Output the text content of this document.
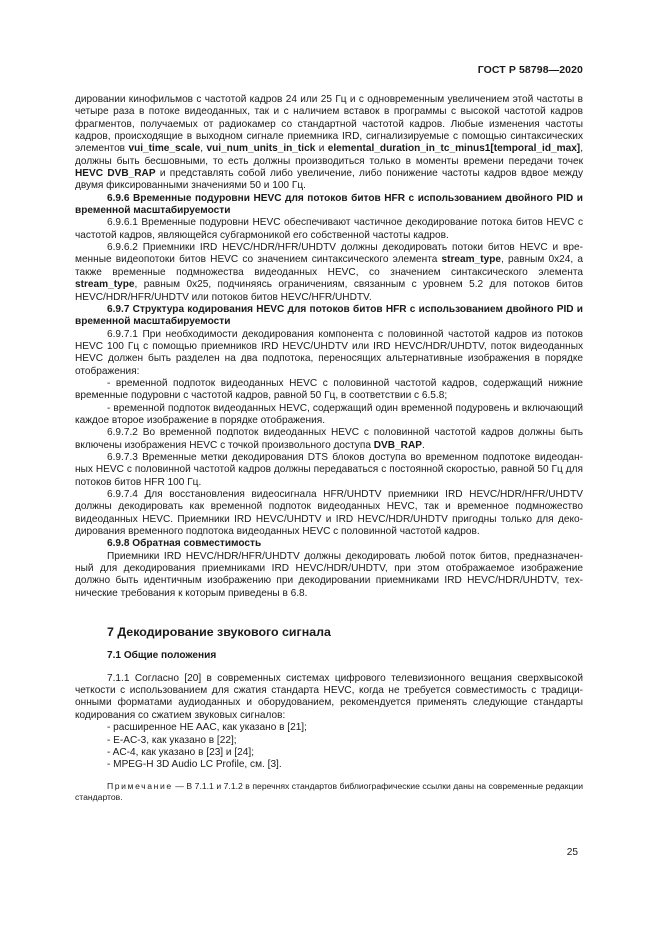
ГОСТ Р 58798—2020

дировании кинофильмов с частотой кадров 24 или 25 Гц и с одновременным увеличением этой частоты в четыре раза в потоке видеоданных, так и с наличием вставок в программы с высокой частотой кадров фрагментов, получаемых от радиокамер со стандартной частотой кадров. Любые изменения частоты кадров, происходящие в выходном сигнале приемника IRD, сигнализируемые с помощью синтаксических элементов vui_time_scale, vui_num_units_in_tick и elemental_duration_in_tc_minus1[temporal_id_max], должны быть бесшовными, то есть должны производиться только в моменты времени передачи точек HEVC DVB_RAP и представлять собой либо увеличение, либо понижение частоты кадров вдвое между двумя фиксированными значениями 50 и 100 Гц.

6.9.6 Временные подуровни HEVC для потоков битов HFR с использованием двойного PID и временной масштабируемости

6.9.6.1 Временные подуровни HEVC обеспечивают частичное декодирование потока битов HEVC с частотой кадров, являющейся субгармоникой его собственной частоты кадров.

6.9.6.2 Приемники IRD HEVC/HDR/HFR/UHDTV должны декодировать потоки битов HEVC и временные видеопотоки битов HEVC со значением синтаксического элемента stream_type, равным 0x24, а также временные подмножества видеоданных HEVC, со значением синтаксического элемента stream_type, равным 0x25, подчиняясь ограничениям, связанным с уровнем 5.2 для потоков битов HEVC/HDR/HFR/UHDTV или потоков битов HEVC/HFR/UHDTV.

6.9.7 Структура кодирования HEVC для потоков битов HFR с использованием двойного PID и временной масштабируемости

6.9.7.1 При необходимости декодирования компонента с половинной частотой кадров из потоков HEVC 100 Гц с помощью приемников IRD HEVC/UHDTV или IRD HEVC/HDR/UHDTV, поток видеоданных HEVC должен быть разделен на два подпотока, переносящих альтернативные изображения в порядке отображения:

- временной подпоток видеоданных HEVC с половинной частотой кадров, содержащий нижние временные подуровни с частотой кадров, равной 50 Гц, в соответствии с 6.5.8;

- временной подпоток видеоданных HEVC, содержащий один временной подуровень и включающий каждое второе изображение в порядке отображения.

6.9.7.2 Во временной подпоток видеоданных HEVC с половинной частотой кадров должны быть включены изображения HEVC с точкой произвольного доступа DVB_RAP.

6.9.7.3 Временные метки декодирования DTS блоков доступа во временном подпотоке видеоданных HEVC с половинной частотой кадров должны передаваться с постоянной скоростью, равной 50 Гц для потоков битов HFR 100 Гц.

6.9.7.4 Для восстановления видеосигнала HFR/UHDTV приемники IRD HEVC/HDR/HFR/UHDTV должны декодировать как временной подпоток видеоданных HEVC, так и временное подмножество видеоданных HEVC. Приемники IRD HEVC/UHDTV и IRD HEVC/HDR/UHDTV пригодны только для декодирования временного подпотока видеоданных HEVC с половинной частотой кадров.

6.9.8 Обратная совместимость

Приемники IRD HEVC/HDR/HFR/UHDTV должны декодировать любой поток битов, предназначенный для декодирования приемниками IRD HEVC/HDR/UHDTV, при этом отображаемое изображение должно быть идентичным изображению при декодировании приемниками IRD HEVC/HDR/UHDTV, технические требования к которым приведены в 6.8.

7 Декодирование звукового сигнала

7.1 Общие положения

7.1.1 Согласно [20] в современных системах цифрового телевизионного вещания сверхвысокой четкости с использованием для сжатия стандарта HEVC, когда не требуется совместимость с традиционными форматами аудиоданных и оборудованием, рекомендуется применять следующие стандарты кодирования со сжатием звуковых сигналов:

- расширенное HE AAC, как указано в [21];

- E-AC-3, как указано в [22];

- AC-4, как указано в [23] и [24];

- MPEG-H 3D Audio LC Profile, см. [3].

Примечание — В 7.1.1 и 7.1.2 в перечнях стандартов библиографические ссылки даны на современные редакции стандартов.

25
